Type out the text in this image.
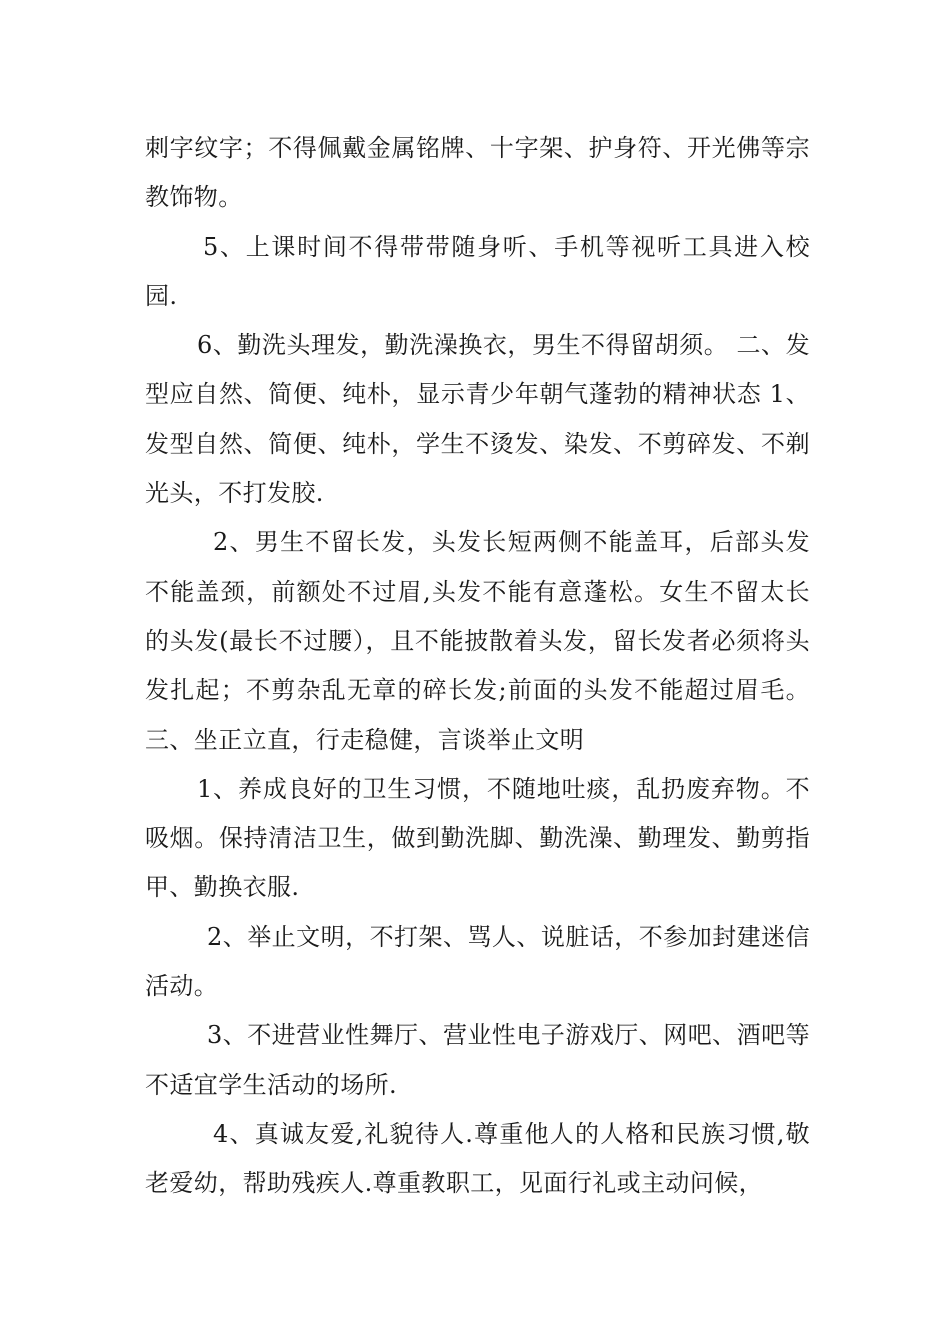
刺字纹字；不得佩戴金属铭牌、十字架、护身符、开光佛等宗教饰物。

5、上课时间不得带带随身听、手机等视听工具进入校园.

6、勤洗头理发，勤洗澡换衣，男生不得留胡须。 二、发型应自然、简便、纯朴，显示青少年朝气蓬勃的精神状态 1、发型自然、简便、纯朴，学生不烫发、染发、不剪碎发、不剃光头，不打发胶.

2、男生不留长发，头发长短两侧不能盖耳，后部头发不能盖颈，前额处不过眉,头发不能有意蓬松。女生不留太长的头发(最长不过腰），且不能披散着头发，留长发者必须将头发扎起；不剪杂乱无章的碎长发;前面的头发不能超过眉毛。 三、坐正立直，行走稳健，言谈举止文明

1、养成良好的卫生习惯，不随地吐痰，乱扔废弃物。不吸烟。保持清洁卫生，做到勤洗脚、勤洗澡、勤理发、勤剪指甲、勤换衣服.

2、举止文明，不打架、骂人、说脏话，不参加封建迷信活动。

3、不进营业性舞厅、营业性电子游戏厅、网吧、酒吧等不适宜学生活动的场所.

4、真诚友爱,礼貌待人.尊重他人的人格和民族习惯,敬老爱幼，帮助残疾人.尊重教职工，见面行礼或主动问候，
